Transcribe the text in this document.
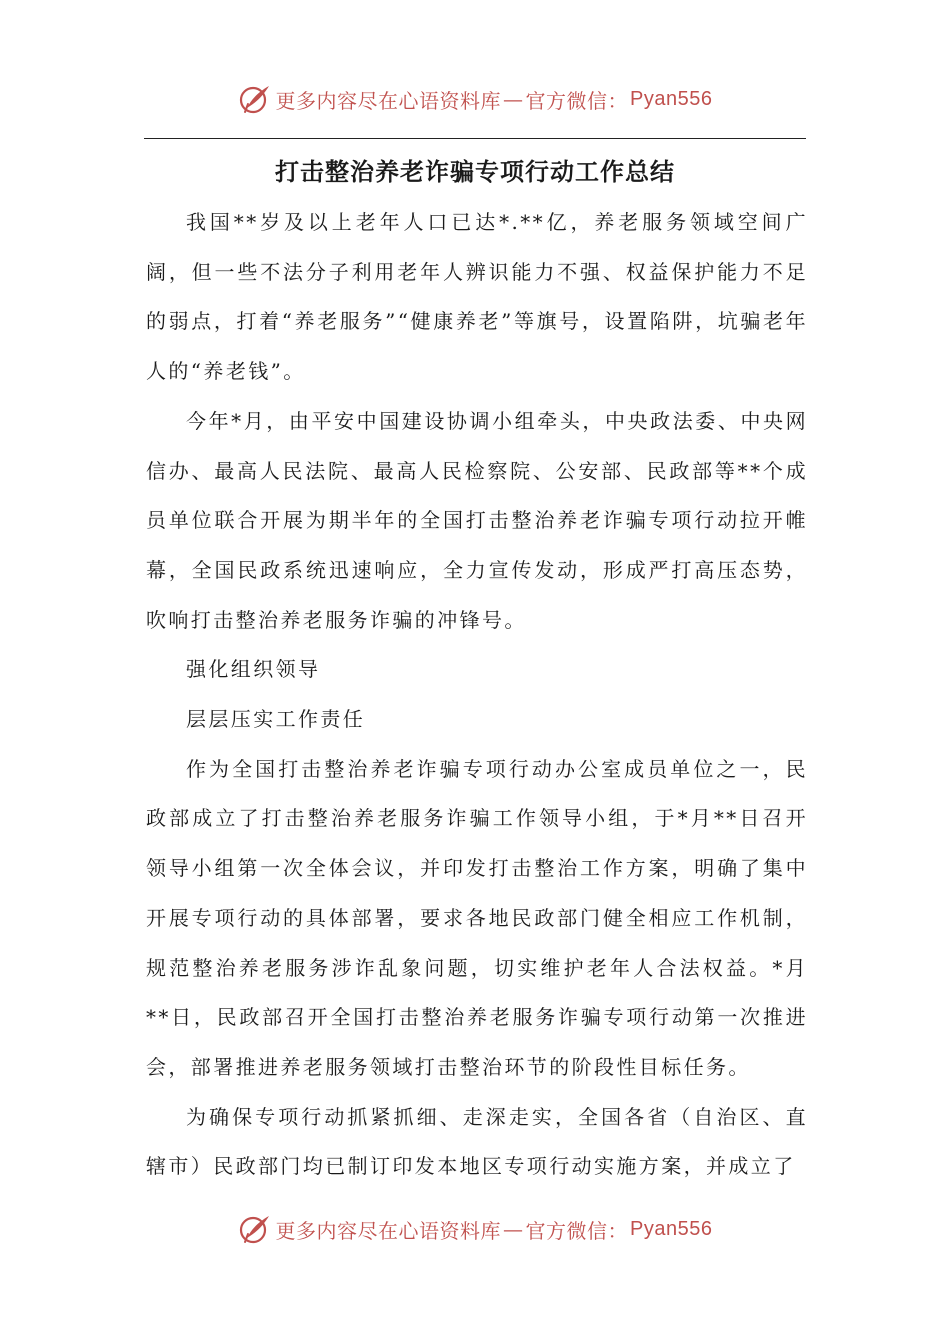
更多内容尽在心语资料库 — 官方微信： Pyan556
打击整治养老诈骗专项行动工作总结

我国**岁及以上老年人口已达*.**亿，养老服务领域空间广阔，但一些不法分子利用老年人辨识能力不强、权益保护能力不足的弱点，打着“养老服务”“健康养老”等旗号，设置陷阱，坑骗老年人的“养老钱”。

今年*月，由平安中国建设协调小组牵头，中央政法委、中央网信办、最高人民法院、最高人民检察院、公安部、民政部等**个成员单位联合开展为期半年的全国打击整治养老诈骗专项行动拉开帷幕，全国民政系统迅速响应，全力宣传发动，形成严打高压态势，吹响打击整治养老服务诈骗的冲锋号。

强化组织领导

层层压实工作责任

作为全国打击整治养老诈骗专项行动办公室成员单位之一，民政部成立了打击整治养老服务诈骗工作领导小组，于*月**日召开领导小组第一次全体会议，并印发打击整治工作方案，明确了集中开展专项行动的具体部署，要求各地民政部门健全相应工作机制，规范整治养老服务涉诈乱象问题，切实维护老年人合法权益。*月**日，民政部召开全国打击整治养老服务诈骗专项行动第一次推进会，部署推进养老服务领域打击整治环节的阶段性目标任务。

为确保专项行动抓紧抓细、走深走实，全国各省（自治区、直辖市）民政部门均已制订印发本地区专项行动实施方案，并成立了

更多内容尽在心语资料库 — 官方微信： Pyan556
